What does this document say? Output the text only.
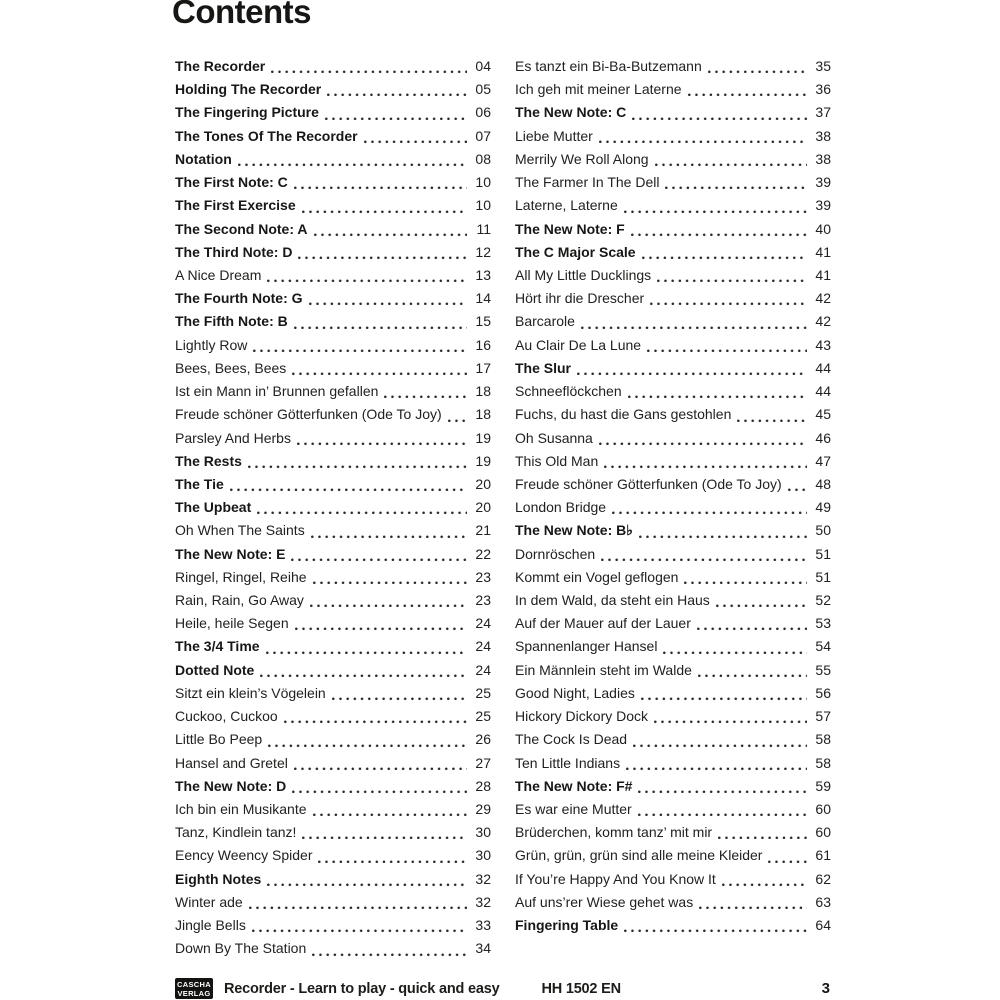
Contents
The Recorder	04
Holding The Recorder	05
The Fingering Picture	06
The Tones Of The Recorder	07
Notation	08
The First Note: C	10
The First Exercise	10
The Second Note: A	11
The Third Note: D	12
A Nice Dream	13
The Fourth Note: G	14
The Fifth Note: B	15
Lightly Row	16
Bees, Bees, Bees	17
Ist ein Mann in’ Brunnen gefallen	18
Freude schöner Götterfunken (Ode To Joy)	18
Parsley And Herbs	19
The Rests	19
The Tie	20
The Upbeat	20
Oh When The Saints	21
The New Note: E	22
Ringel, Ringel, Reihe	23
Rain, Rain, Go Away	23
Heile, heile Segen	24
The 3/4 Time	24
Dotted Note	24
Sitzt ein klein’s Vögelein	25
Cuckoo, Cuckoo	25
Little Bo Peep	26
Hansel and Gretel	27
The New Note: D	28
Ich bin ein Musikante	29
Tanz, Kindlein tanz!	30
Eency Weency Spider	30
Eighth Notes	32
Winter ade	32
Jingle Bells	33
Down By The Station	34
Es tanzt ein Bi-Ba-Butzemann	35
Ich geh mit meiner Laterne	36
The New Note: C	37
Liebe Mutter	38
Merrily We Roll Along	38
The Farmer In The Dell	39
Laterne, Laterne	39
The New Note: F	40
The C Major Scale	41
All My Little Ducklings	41
Hört ihr die Drescher	42
Barcarole	42
Au Clair De La Lune	43
The Slur	44
Schneeflöckchen	44
Fuchs, du hast die Gans gestohlen	45
Oh Susanna	46
This Old Man	47
Freude schöner Götterfunken (Ode To Joy)	48
London Bridge	49
The New Note: B♭	50
Dornröschen	51
Kommt ein Vogel geflogen	51
In dem Wald, da steht ein Haus	52
Auf der Mauer auf der Lauer	53
Spannenlanger Hansel	54
Ein Männlein steht im Walde	55
Good Night, Ladies	56
Hickory Dickory Dock	57
The Cock Is Dead	58
Ten Little Indians	58
The New Note: F#	59
Es war eine Mutter	60
Brüderchen, komm tanz’ mit mir	60
Grün, grün, grün sind alle meine Kleider	61
If You’re Happy And You Know It	62
Auf uns’rer Wiese gehet was	63
Fingering Table	64
CASCHA
VERLAG Recorder - Learn to play - quick and easy	HH 1502 EN	3
